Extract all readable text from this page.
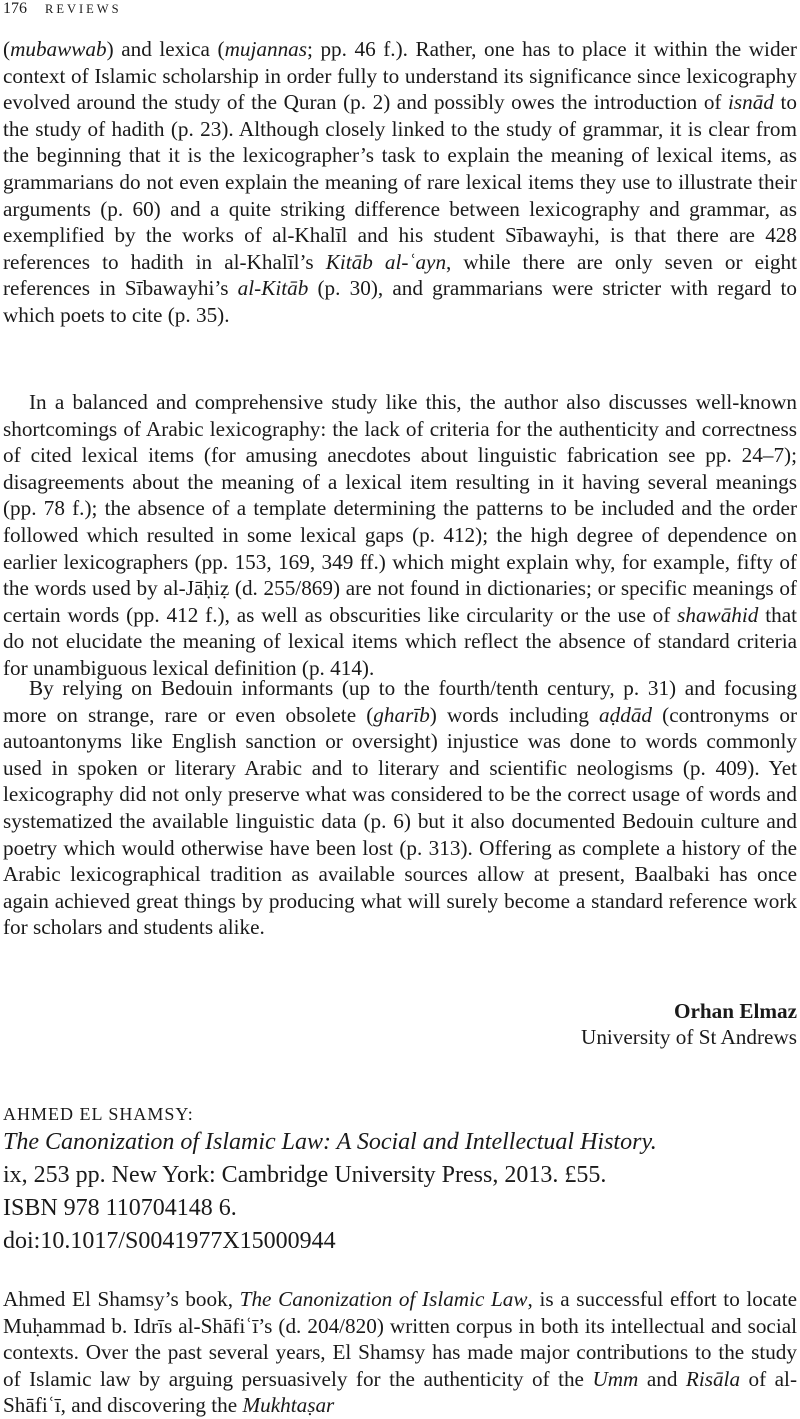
176 REVIEWS
(mubawwab) and lexica (mujannas; pp. 46 f.). Rather, one has to place it within the wider context of Islamic scholarship in order fully to understand its significance since lexicography evolved around the study of the Quran (p. 2) and possibly owes the introduction of isnād to the study of hadith (p. 23). Although closely linked to the study of grammar, it is clear from the beginning that it is the lexicographer’s task to explain the meaning of lexical items, as grammarians do not even explain the meaning of rare lexical items they use to illustrate their arguments (p. 60) and a quite striking difference between lexicography and grammar, as exemplified by the works of al-Khalīl and his student Sībawayhi, is that there are 428 references to hadith in al-Khalīl’s Kitāb al-ʿayn, while there are only seven or eight references in Sībawayhi’s al-Kitāb (p. 30), and grammarians were stricter with regard to which poets to cite (p. 35).
In a balanced and comprehensive study like this, the author also discusses well-known shortcomings of Arabic lexicography: the lack of criteria for the authenticity and correctness of cited lexical items (for amusing anecdotes about linguistic fabrication see pp. 24–7); disagreements about the meaning of a lexical item resulting in it having several meanings (pp. 78 f.); the absence of a template determining the patterns to be included and the order followed which resulted in some lexical gaps (p. 412); the high degree of dependence on earlier lexicographers (pp. 153, 169, 349 ff.) which might explain why, for example, fifty of the words used by al-Jāḥiẓ (d. 255/869) are not found in dictionaries; or specific meanings of certain words (pp. 412 f.), as well as obscurities like circularity or the use of shawāhid that do not elucidate the meaning of lexical items which reflect the absence of standard criteria for unambiguous lexical definition (p. 414).
By relying on Bedouin informants (up to the fourth/tenth century, p. 31) and focusing more on strange, rare or even obsolete (gharīb) words including aḍdād (contronyms or autoantonyms like English sanction or oversight) injustice was done to words commonly used in spoken or literary Arabic and to literary and scientific neologisms (p. 409). Yet lexicography did not only preserve what was considered to be the correct usage of words and systematized the available linguistic data (p. 6) but it also documented Bedouin culture and poetry which would otherwise have been lost (p. 313). Offering as complete a history of the Arabic lexicographical tradition as available sources allow at present, Baalbaki has once again achieved great things by producing what will surely become a standard reference work for scholars and students alike.
Orhan Elmaz
University of St Andrews
AHMED EL SHAMSY:
The Canonization of Islamic Law: A Social and Intellectual History.
ix, 253 pp. New York: Cambridge University Press, 2013. £55.
ISBN 978 110704148 6.
doi:10.1017/S0041977X15000944
Ahmed El Shamsy’s book, The Canonization of Islamic Law, is a successful effort to locate Muḥammad b. Idrīs al-Shāfiʿī’s (d. 204/820) written corpus in both its intellectual and social contexts. Over the past several years, El Shamsy has made major contributions to the study of Islamic law by arguing persuasively for the authenticity of the Umm and Risāla of al-Shāfiʿī, and discovering the Mukhtaṣar
